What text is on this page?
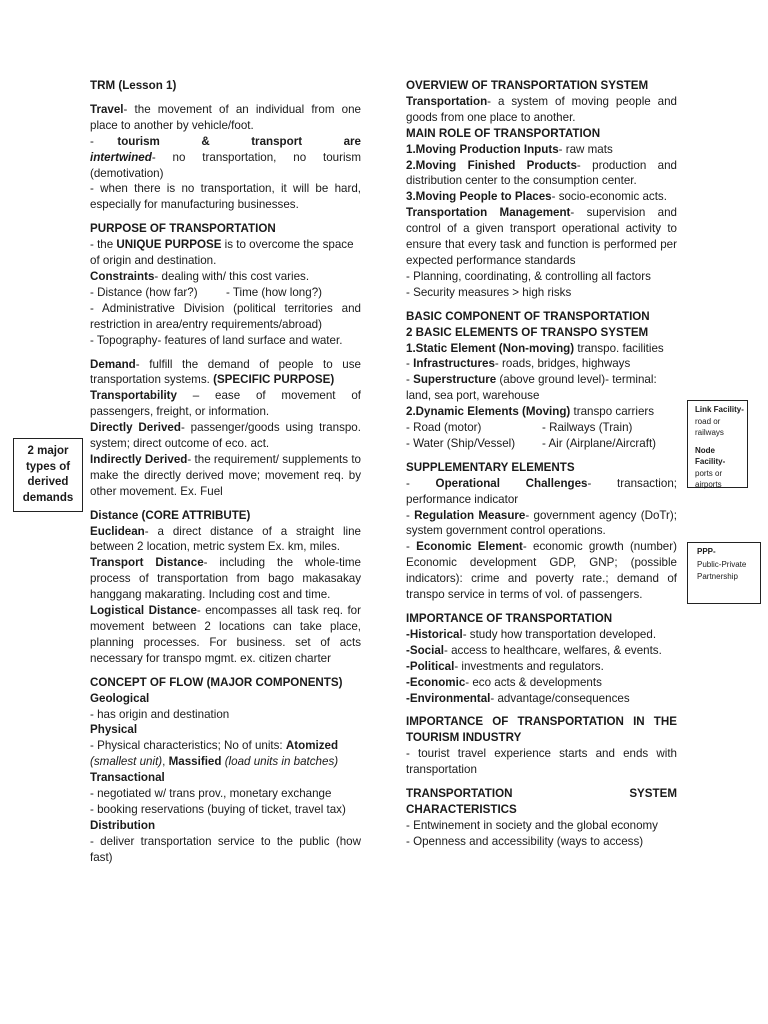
TRM (Lesson 1)

Travel- the movement of an individual from one place to another by vehicle/foot.

- tourism & transport are intertwined- no transportation, no tourism (demotivation)

- when there is no transportation, it will be hard, especially for manufacturing businesses.

PURPOSE OF TRANSPORTATION

- the UNIQUE PURPOSE is to overcome the space of origin and destination.

Constraints- dealing with/ this cost varies.

- Distance (how far?)	- Time (how long?)

- Administrative Division (political territories and restriction in area/entry requirements/abroad)

- Topography- features of land surface and water.

Demand- fulfill the demand of people to use transportation systems. (SPECIFIC PURPOSE)

Transportability – ease of movement of passengers, freight, or information.

Directly Derived- passenger/goods using transpo. system; direct outcome of eco. act.

Indirectly Derived- the requirement/ supplements to make the directly derived move; movement req. by other movement. Ex. Fuel

Distance (CORE ATTRIBUTE)

Euclidean- a direct distance of a straight line between 2 location, metric system Ex. km, miles.

Transport Distance- including the whole-time process of transportation from bago makasakay hanggang makarating. Including cost and time.

Logistical Distance- encompasses all task req. for movement between 2 locations can take place, planning processes. For business. set of acts necessary for transpo mgmt. ex. citizen charter

CONCEPT OF FLOW (MAJOR COMPONENTS)

Geological

- has origin and destination

Physical

- Physical characteristics; No of units: Atomized (smallest unit), Massified (load units in batches)

Transactional

- negotiated w/ trans prov., monetary exchange

- booking reservations (buying of ticket, travel tax)

Distribution

- deliver transportation service to the public (how fast)

OVERVIEW OF TRANSPORTATION SYSTEM

Transportation- a system of moving people and goods from one place to another.

MAIN ROLE OF TRANSPORTATION

1.Moving Production Inputs- raw mats

2.Moving Finished Products- production and distribution center to the consumption center.

3.Moving People to Places- socio-economic acts.

Transportation Management- supervision and control of a given transport operational activity to ensure that every task and function is performed per expected performance standards

- Planning, coordinating, & controlling all factors

- Security measures > high risks

BASIC COMPONENT OF TRANSPORTATION

2 BASIC ELEMENTS OF TRANSPO SYSTEM

1.Static Element (Non-moving) transpo. facilities

- Infrastructures- roads, bridges, highways

- Superstructure (above ground level)- terminal: land, sea port, warehouse

2.Dynamic Elements (Moving) transpo carriers

- Road (motor)	- Railways (Train)

- Water (Ship/Vessel)	- Air (Airplane/Aircraft)

SUPPLEMENTARY ELEMENTS

- Operational Challenges- transaction; performance indicator

- Regulation Measure- government agency (DoTr); system government control operations.

- Economic Element- economic growth (number) Economic development GDP, GNP; (possible indicators): crime and poverty rate.; demand of transpo service in terms of vol. of passengers.

IMPORTANCE OF TRANSPORTATION

-Historical- study how transportation developed.

-Social- access to healthcare, welfares, & events.

-Political- investments and regulators.

-Economic- eco acts & developments

-Environmental- advantage/consequences

IMPORTANCE OF TRANSPORTATION IN THE TOURISM INDUSTRY

- tourist travel experience starts and ends with transportation

TRANSPORTATION SYSTEM CHARACTERISTICS

- Entwinement in society and the global economy

- Openness and accessibility (ways to access)

2 major types of derived demands

Link Facility-

road or railways

Node Facility-

ports or airports

PPP-

Public-Private Partnership
